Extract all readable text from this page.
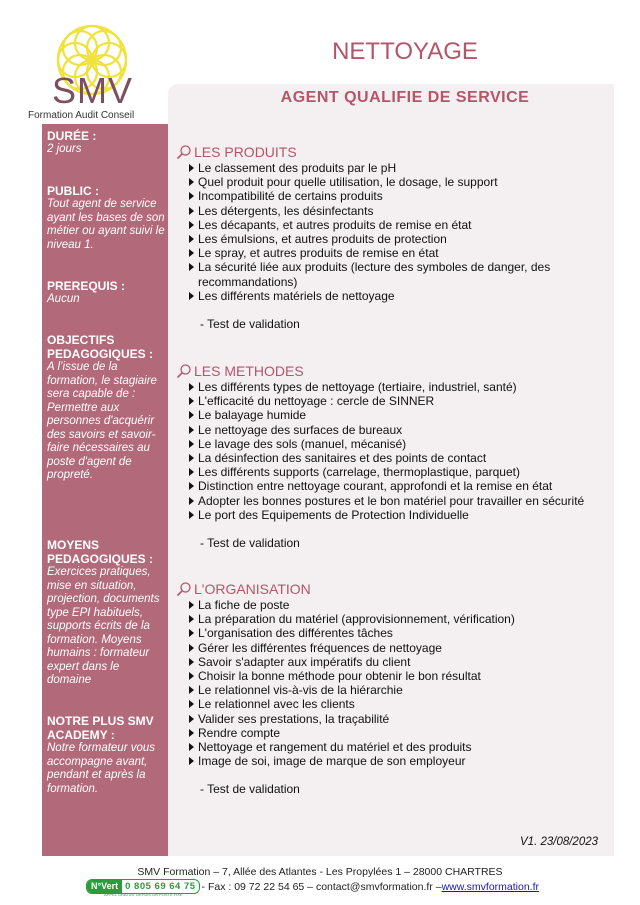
SMV
Formation Audit Conseil
NETTOYAGE
AGENT QUALIFIE DE SERVICE
DURÉE :
2 jours
PUBLIC :
Tout agent de service ayant les bases de son métier ou ayant suivi le niveau 1.
PREREQUIS :
Aucun
OBJECTIFS PEDAGOGIQUES :
A l’issue de la formation, le stagiaire sera capable de : Permettre aux personnes d'acquérir des savoirs et savoir-faire nécessaires au poste d'agent de propreté.
MOYENS PEDAGOGIQUES :
Exercices pratiques, mise en situation, projection, documents type EPI habituels, supports écrits de la formation. Moyens humains : formateur expert dans le domaine
NOTRE PLUS SMV ACADEMY :
Notre formateur vous accompagne avant, pendant et après la formation.
LES PRODUITS
Le classement des produits par le pH
Quel produit pour quelle utilisation, le dosage, le support
Incompatibilité de certains produits
Les détergents, les désinfectants
Les décapants, et autres produits de remise en état
Les émulsions, et autres produits de protection
Le spray, et autres produits de remise en état
La sécurité liée aux produits (lecture des symboles de danger, des recommandations)
Les différents matériels de nettoyage
- Test de validation
LES METHODES
Les différents types de nettoyage (tertiaire, industriel, santé)
L'efficacité du nettoyage : cercle de SINNER
Le balayage humide
Le nettoyage des surfaces de bureaux
Le lavage des sols (manuel, mécanisé)
La désinfection des sanitaires et des points de contact
Les différents supports (carrelage, thermoplastique, parquet)
Distinction entre nettoyage courant, approfondi et la remise en état
Adopter les bonnes postures et le bon matériel pour travailler en sécurité
Le port des Equipements de Protection Individuelle
- Test de validation
L'ORGANISATION
La fiche de poste
La préparation du matériel (approvisionnement, vérification)
L'organisation des différentes tâches
Gérer les différentes fréquences de nettoyage
Savoir s'adapter aux impératifs du client
Choisir la bonne méthode pour obtenir le bon résultat
Le relationnel vis-à-vis de la hiérarchie
Le relationnel avec les clients
Valider ses prestations, la traçabilité
Rendre compte
Nettoyage et rangement du matériel et des produits
Image de soi, image de marque de son employeur
- Test de validation
V1. 23/08/2023
SMV Formation – 7, Allée des Atlantes - Les Propylées 1 – 28000 CHARTRES
N°Vert 0 805 69 64 75 - Fax : 09 72 22 54 65 – contact@smvformation.fr – www.smvformation.fr
APPEL GRATUIT DEPUIS UN POSTE FIXE
